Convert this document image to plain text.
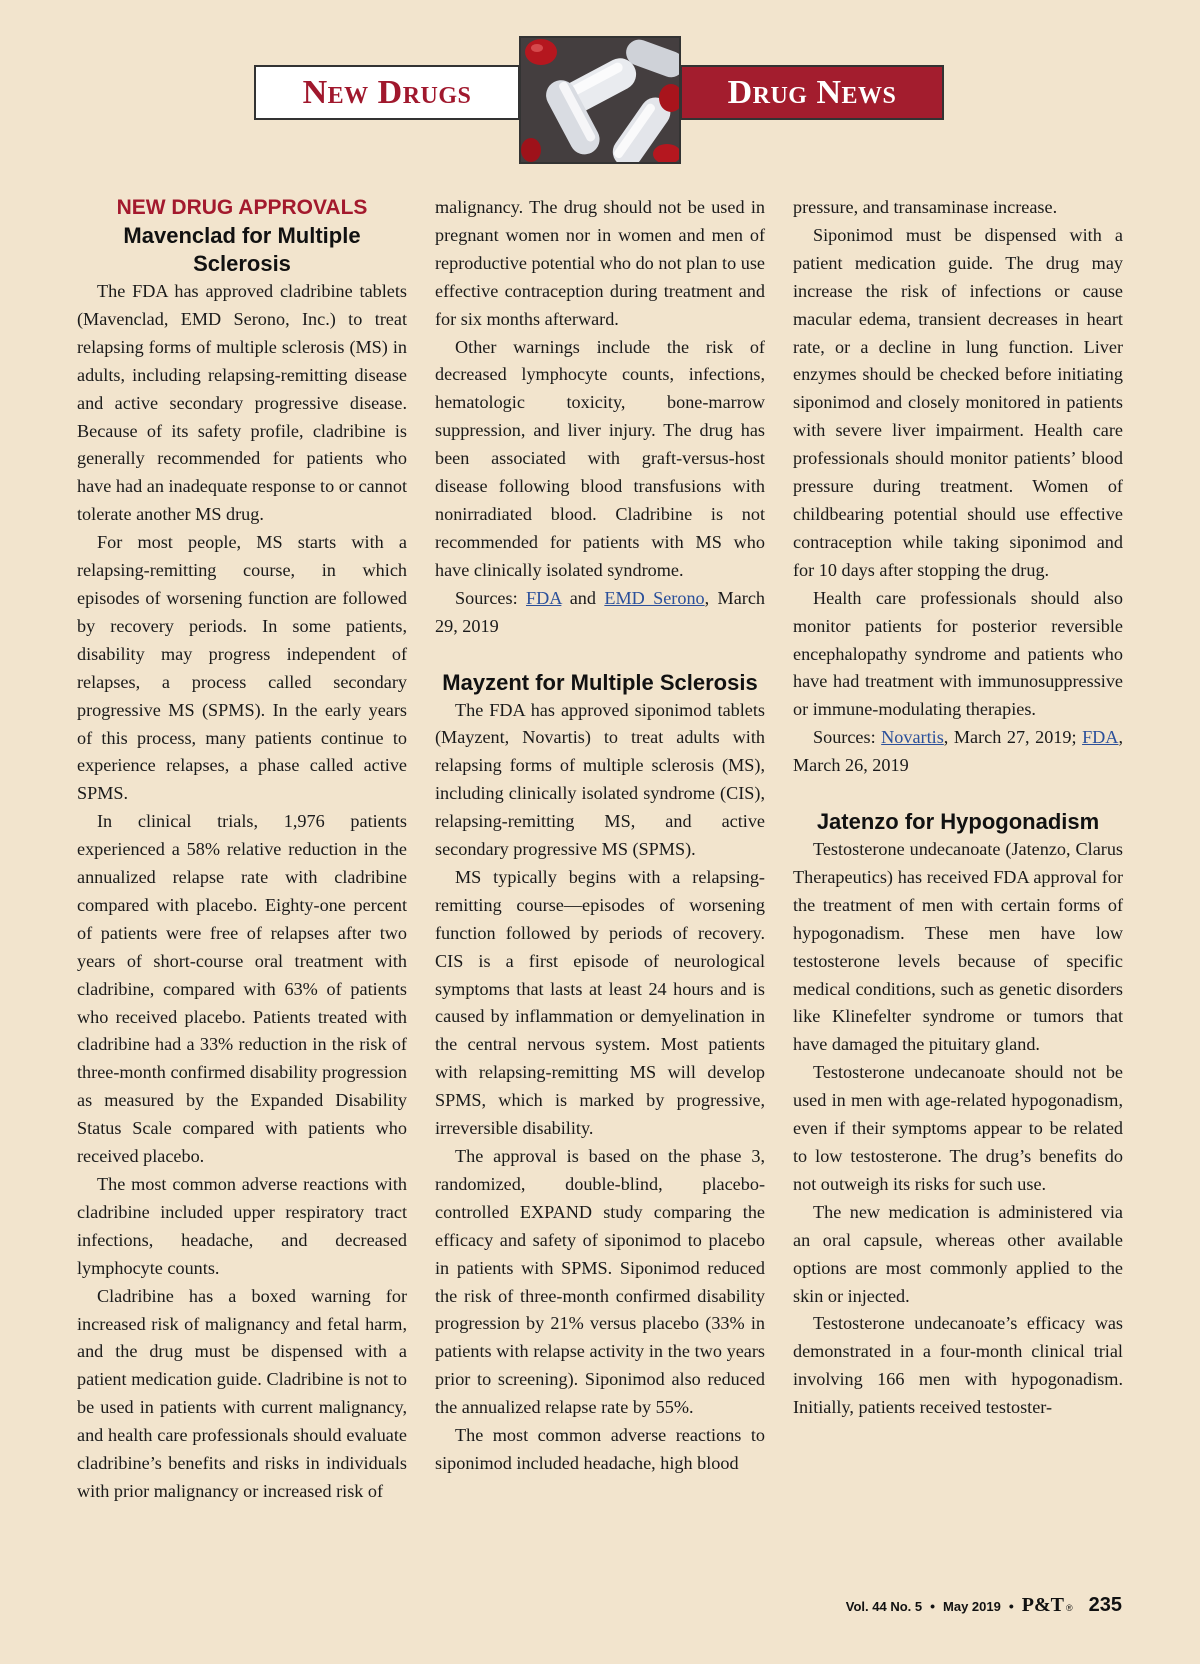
New Drugs	Drug News
NEW DRUG APPROVALS
Mavenclad for Multiple Sclerosis

The FDA has approved cladribine tablets (Mavenclad, EMD Serono, Inc.) to treat relapsing forms of multiple sclerosis (MS) in adults, including relapsing-remitting disease and active secondary progressive disease. Because of its safety profile, cladribine is generally recommended for patients who have had an inadequate response to or cannot tolerate another MS drug.

For most people, MS starts with a relapsing-remitting course, in which episodes of worsening function are followed by recovery periods. In some patients, disability may progress independent of relapses, a process called secondary progressive MS (SPMS). In the early years of this process, many patients continue to experience relapses, a phase called active SPMS.

In clinical trials, 1,976 patients experienced a 58% relative reduction in the annualized relapse rate with cladribine compared with placebo. Eighty-one percent of patients were free of relapses after two years of short-course oral treatment with cladribine, compared with 63% of patients who received placebo. Patients treated with cladribine had a 33% reduction in the risk of three-month confirmed disability progression as measured by the Expanded Disability Status Scale compared with patients who received placebo.

The most common adverse reactions with cladribine included upper respiratory tract infections, headache, and decreased lymphocyte counts.

Cladribine has a boxed warning for increased risk of malignancy and fetal harm, and the drug must be dispensed with a patient medication guide. Cladribine is not to be used in patients with current malignancy, and health care professionals should evaluate cladribine’s benefits and risks in individuals with prior malignancy or increased risk of

malignancy. The drug should not be used in pregnant women nor in women and men of reproductive potential who do not plan to use effective contraception during treatment and for six months afterward.

Other warnings include the risk of decreased lymphocyte counts, infections, hematologic toxicity, bone-marrow suppression, and liver injury. The drug has been associated with graft-versus-host disease following blood transfusions with nonirradiated blood. Cladribine is not recommended for patients with MS who have clinically isolated syndrome.

Sources: FDA and EMD Serono, March 29, 2019

Mayzent for Multiple Sclerosis

The FDA has approved siponimod tablets (Mayzent, Novartis) to treat adults with relapsing forms of multiple sclerosis (MS), including clinically isolated syndrome (CIS), relapsing-remitting MS, and active secondary progressive MS (SPMS).

MS typically begins with a relapsing-remitting course—episodes of worsening function followed by periods of recovery. CIS is a first episode of neurological symptoms that lasts at least 24 hours and is caused by inflammation or demyelination in the central nervous system. Most patients with relapsing-remitting MS will develop SPMS, which is marked by progressive, irreversible disability.

The approval is based on the phase 3, randomized, double-blind, placebo-controlled EXPAND study comparing the efficacy and safety of siponimod to placebo in patients with SPMS. Siponimod reduced the risk of three-month confirmed disability progression by 21% versus placebo (33% in patients with relapse activity in the two years prior to screening). Siponimod also reduced the annualized relapse rate by 55%.

The most common adverse reactions to siponimod included headache, high blood

pressure, and transaminase increase.

Siponimod must be dispensed with a patient medication guide. The drug may increase the risk of infections or cause macular edema, transient decreases in heart rate, or a decline in lung function. Liver enzymes should be checked before initiating siponimod and closely monitored in patients with severe liver impairment. Health care professionals should monitor patients’ blood pressure during treatment. Women of childbearing potential should use effective contraception while taking siponimod and for 10 days after stopping the drug.

Health care professionals should also monitor patients for posterior reversible encephalopathy syndrome and patients who have had treatment with immunosuppressive or immune-modulating therapies.

Sources: Novartis, March 27, 2019; FDA, March 26, 2019

Jatenzo for Hypogonadism

Testosterone undecanoate (Jatenzo, Clarus Therapeutics) has received FDA approval for the treatment of men with certain forms of hypogonadism. These men have low testosterone levels because of specific medical conditions, such as genetic disorders like Klinefelter syndrome or tumors that have damaged the pituitary gland.

Testosterone undecanoate should not be used in men with age-related hypogonadism, even if their symptoms appear to be related to low testosterone. The drug’s benefits do not outweigh its risks for such use.

The new medication is administered via an oral capsule, whereas other available options are most commonly applied to the skin or injected.

Testosterone undecanoate’s efficacy was demonstrated in a four-month clinical trial involving 166 men with hypogonadism. Initially, patients received testoster-

Vol. 44 No. 5 • May 2019 • P&T ® 235
